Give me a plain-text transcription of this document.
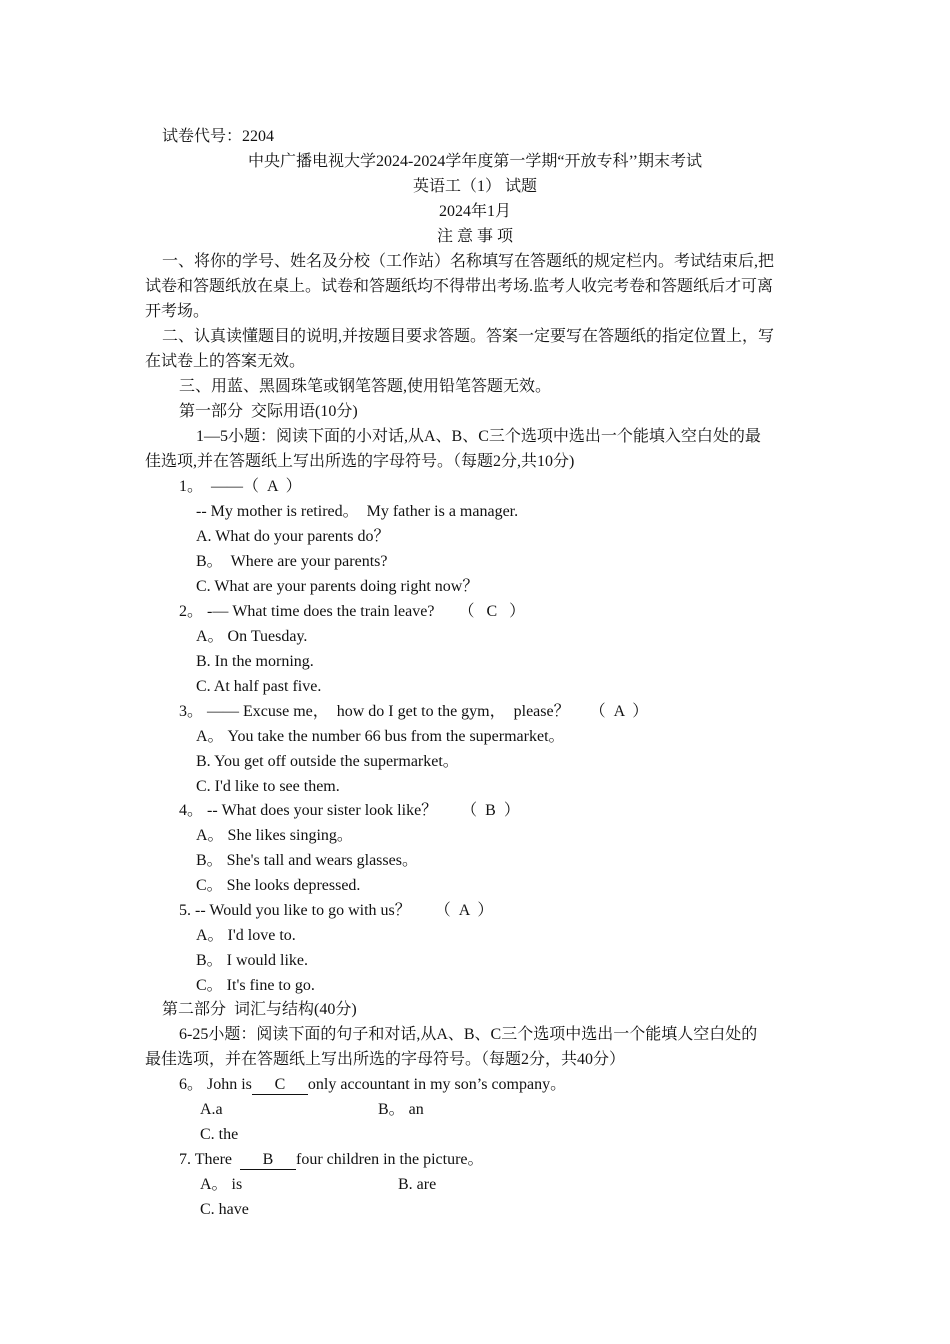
试卷代号：2204
中央广播电视大学2024-2024学年度第一学期“开放专科’’期末考试
英语工（1） 试题
2024年1月
注 意 事 项
一、将你的学号、姓名及分校（工作站）名称填写在答题纸的规定栏内。考试结束后,把
试卷和答题纸放在桌上。试卷和答题纸均不得带出考场.监考人收完考卷和答题纸后才可离
开考场。
二、认真读懂题目的说明,并按题目要求答题。答案一定要写在答题纸的指定位置上，写
在试卷上的答案无效。
三、用蓝、黑圆珠笔或钢笔答题,使用铅笔答题无效。
第一部分  交际用语(10分)
1—5小题：阅读下面的小对话,从A、B、C三个选项中选出一个能填入空白处的最
佳选项,并在答题纸上写出所选的字母符号。（每题2分,共10分)
1。  ——（  A  ）
-- My mother is retired。  My father is a manager.
A. What do your parents do？
B。  Where are your parents?
C. What are your parents doing right now？
2。 -— What time does the train leave?      （   C   ）
A。 On Tuesday.
B. In the morning.
C. At half past five.
3。 —— Excuse me，  how do I get to the gym，  please？     （  A  ）
A。 You take the number 66 bus from the supermarket。
B. You get off outside the supermarket。
C. I'd like to see them.
4。 -- What does your sister look like？      （  B  ）
A。 She likes singing。
B。 She's tall and wears glasses。
C。 She looks depressed.
5. -- Would you like to go with us？      （  A  ）
A。 I'd love to.
B。 I would like.
C。 It's fine to go.
第二部分  词汇与结构(40分)
6-25小题：阅读下面的句子和对话,从A、B、C三个选项中选出一个能填人空白处的
最佳选项，并在答题纸上写出所选的字母符号。（每题2分，共40分）
6。 John is C only accountant in my son’s company。
A.a	B。 an
C. the
7. There  B four children in the picture。
A。 is	B. are
C. have
